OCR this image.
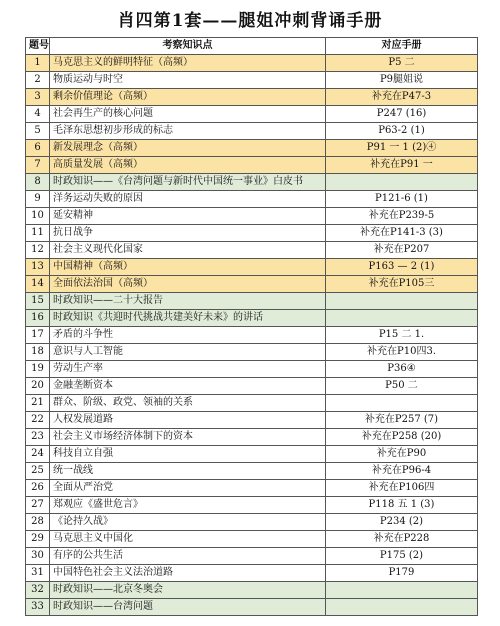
肖四第1套——腿姐冲刺背诵手册
题号	考察知识点	对应手册
1	马克思主义的鲜明特征（高频）	P5 二
2	物质运动与时空	P9腿姐说
3	剩余价值理论（高频）	补充在P47-3
4	社会再生产的核心问题	P247 (16)
5	毛泽东思想初步形成的标志	P63-2 (1)
6	新发展理念（高频）	P91 一 1 (2)④
7	高质量发展（高频）	补充在P91 一
8	时政知识——《台湾问题与新时代中国统一事业》白皮书	
9	洋务运动失败的原因	P121-6 (1)
10	延安精神	补充在P239-5
11	抗日战争	补充在P141-3 (3)
12	社会主义现代化国家	补充在P207
13	中国精神（高频）	P163 — 2 (1)
14	全面依法治国（高频）	补充在P105三
15	时政知识——二十大报告	
16	时政知识《共迎时代挑战共建美好未来》的讲话	
17	矛盾的斗争性	P15 二 1.
18	意识与人工智能	补充在P10四3.
19	劳动生产率	P36④
20	金融垄断资本	P50 二
21	群众、阶级、政党、领袖的关系	
22	人权发展道路	补充在P257 (7)
23	社会主义市场经济体制下的资本	补充在P258 (20)
24	科技自立自强	补充在P90
25	统一战线	补充在P96-4
26	全面从严治党	补充在P106四
27	郑观应《盛世危言》	P118 五 1 (3)
28	《论持久战》	P234 (2)
29	马克思主义中国化	补充在P228
30	有序的公共生活	P175 (2)
31	中国特色社会主义法治道路	P179
32	时政知识——北京冬奥会	
33	时政知识——台湾问题	
